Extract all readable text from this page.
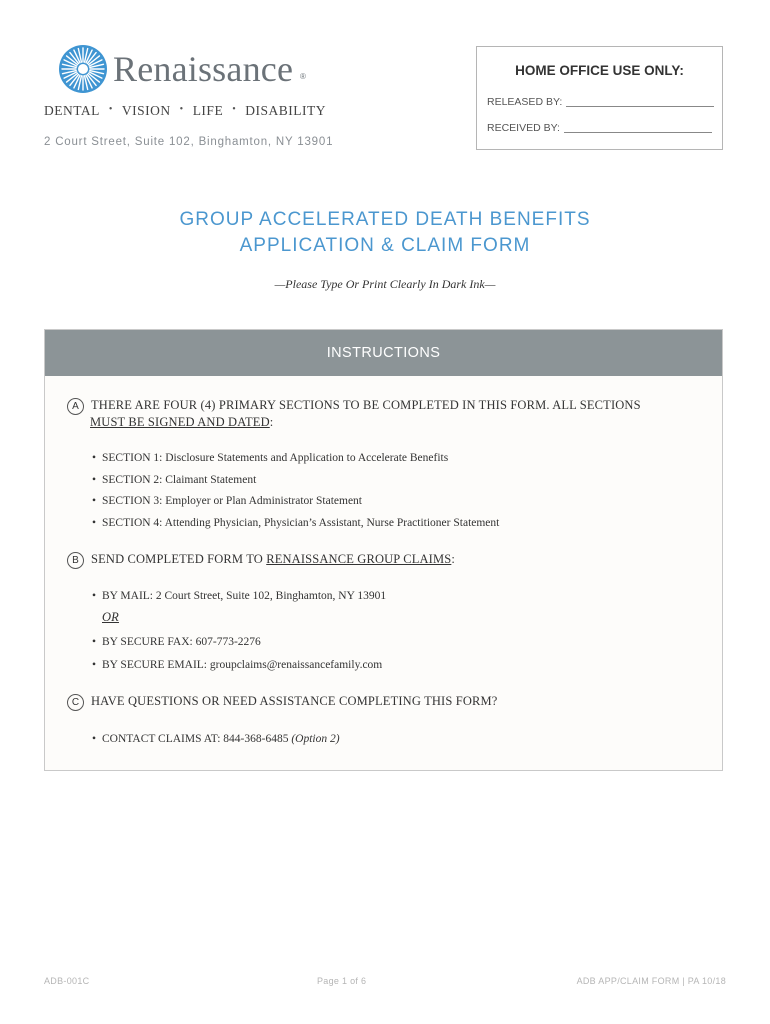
Renaissance ®
DENTAL • VISION • LIFE • DISABILITY
2 Court Street, Suite 102, Binghamton, NY 13901
HOME OFFICE USE ONLY:
RELEASED BY:
RECEIVED BY:
GROUP ACCELERATED DEATH BENEFITS
APPLICATION & CLAIM FORM
—Please Type Or Print Clearly In Dark Ink—
INSTRUCTIONS
A THERE ARE FOUR (4) PRIMARY SECTIONS TO BE COMPLETED IN THIS FORM. ALL SECTIONS
MUST BE SIGNED AND DATED:
• SECTION 1: Disclosure Statements and Application to Accelerate Benefits
• SECTION 2: Claimant Statement
• SECTION 3: Employer or Plan Administrator Statement
• SECTION 4: Attending Physician, Physician’s Assistant, Nurse Practitioner Statement
B SEND COMPLETED FORM TO RENAISSANCE GROUP CLAIMS:
• BY MAIL: 2 Court Street, Suite 102, Binghamton, NY 13901
OR
• BY SECURE FAX: 607-773-2276
• BY SECURE EMAIL: groupclaims@renaissancefamily.com
C HAVE QUESTIONS OR NEED ASSISTANCE COMPLETING THIS FORM?
• CONTACT CLAIMS AT: 844-368-6485 (Option 2)
ADB-001C	Page 1 of 6	ADB APP/CLAIM FORM | PA 10/18
